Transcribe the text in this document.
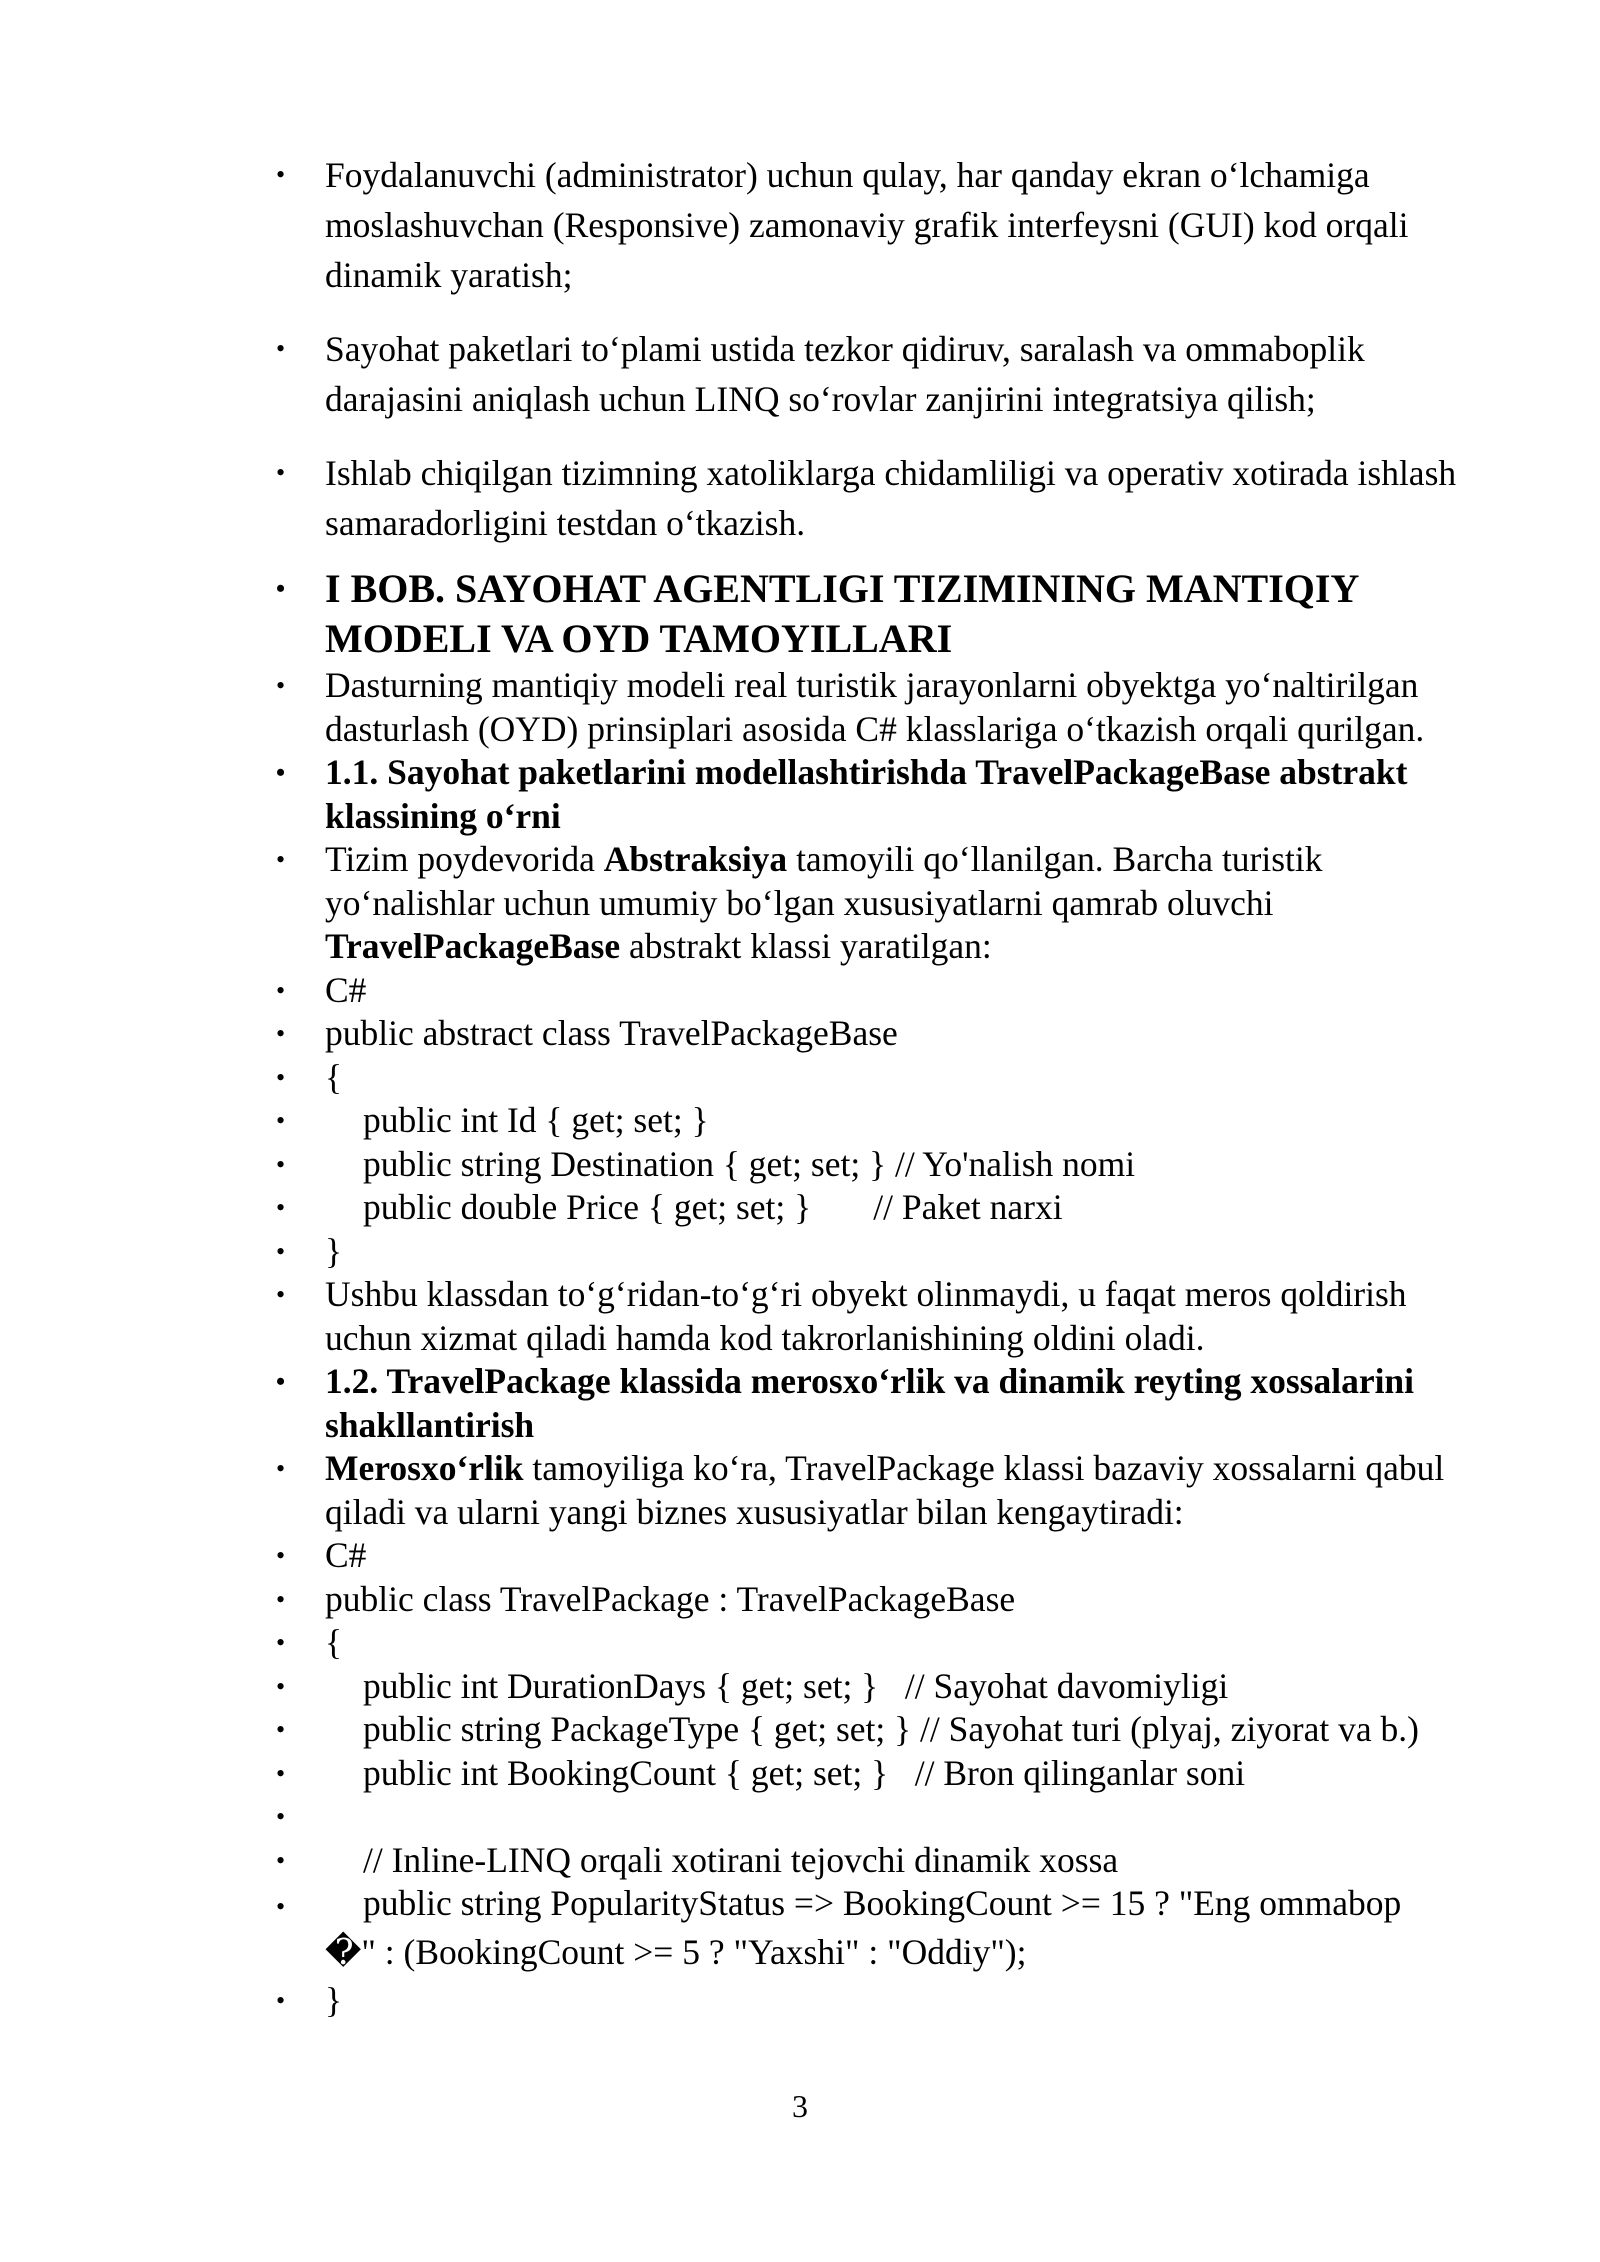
• Foydalanuvchi (administrator) uchun qulay, har qanday ekran o‘lchamiga moslashuvchan (Responsive) zamonaviy grafik interfeysni (GUI) kod orqali dinamik yaratish;
• Sayohat paketlari to‘plami ustida tezkor qidiruv, saralash va ommaboplik darajasini aniqlash uchun LINQ so‘rovlar zanjirini integratsiya qilish;
• Ishlab chiqilgan tizimning xatoliklarga chidamliligi va operativ xotirada ishlash samaradorligini testdan o‘tkazish.
• I BOB. SAYOHAT AGENTLIGI TIZIMINING MANTIQIY MODELI VA OYD TAMOYILLARI
• Dasturning mantiqiy modeli real turistik jarayonlarni obyektga yo‘naltirilgan dasturlash (OYD) prinsiplari asosida C# klasslariga o‘tkazish orqali qurilgan.
• 1.1. Sayohat paketlarini modellashtirishda TravelPackageBase abstrakt klassining o‘rni
• Tizim poydevorida Abstraksiya tamoyili qo‘llanilgan. Barcha turistik yo‘nalishlar uchun umumiy bo‘lgan xususiyatlarni qamrab oluvchi TravelPackageBase abstrakt klassi yaratilgan:
• C#
• public abstract class TravelPackageBase
• {
• public int Id { get; set; }
• public string Destination { get; set; } // Yo'nalish nomi
• public double Price { get; set; }       // Paket narxi
• }
• Ushbu klassdan to‘g‘ridan-to‘g‘ri obyekt olinmaydi, u faqat meros qoldirish uchun xizmat qiladi hamda kod takrorlanishining oldini oladi.
• 1.2. TravelPackage klassida merosxo‘rlik va dinamik reyting xossalarini shakllantirish
• Merosxo‘rlik tamoyiliga ko‘ra, TravelPackage klassi bazaviy xossalarni qabul qiladi va ularni yangi biznes xususiyatlar bilan kengaytiradi:
• C#
• public class TravelPackage : TravelPackageBase
• {
• public int DurationDays { get; set; }   // Sayohat davomiyligi
• public string PackageType { get; set; } // Sayohat turi (plyaj, ziyorat va b.)
• public int BookingCount { get; set; }   // Bron qilinganlar soni
•
• // Inline-LINQ orqali xotirani tejovchi dinamik xossa
• public string PopularityStatus => BookingCount >= 15 ? "Eng ommabop
�" : (BookingCount >= 5 ? "Yaxshi" : "Oddiy");
• }
3
